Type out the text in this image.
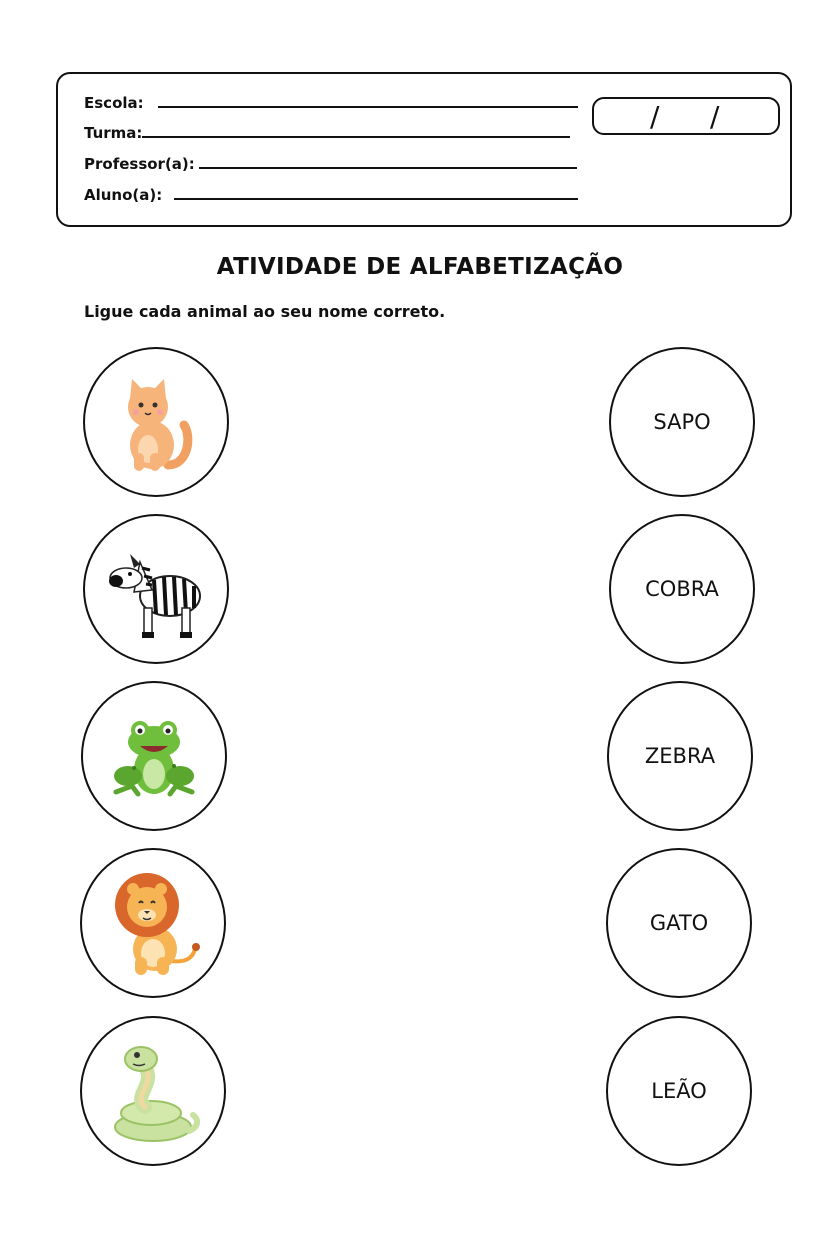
Escola:
Turma:
Professor(a):
Aluno(a):
/ /
ATIVIDADE DE ALFABETIZAÇÃO
Ligue cada animal ao seu nome correto.
SAPO
COBRA
ZEBRA
GATO
LEÃO
